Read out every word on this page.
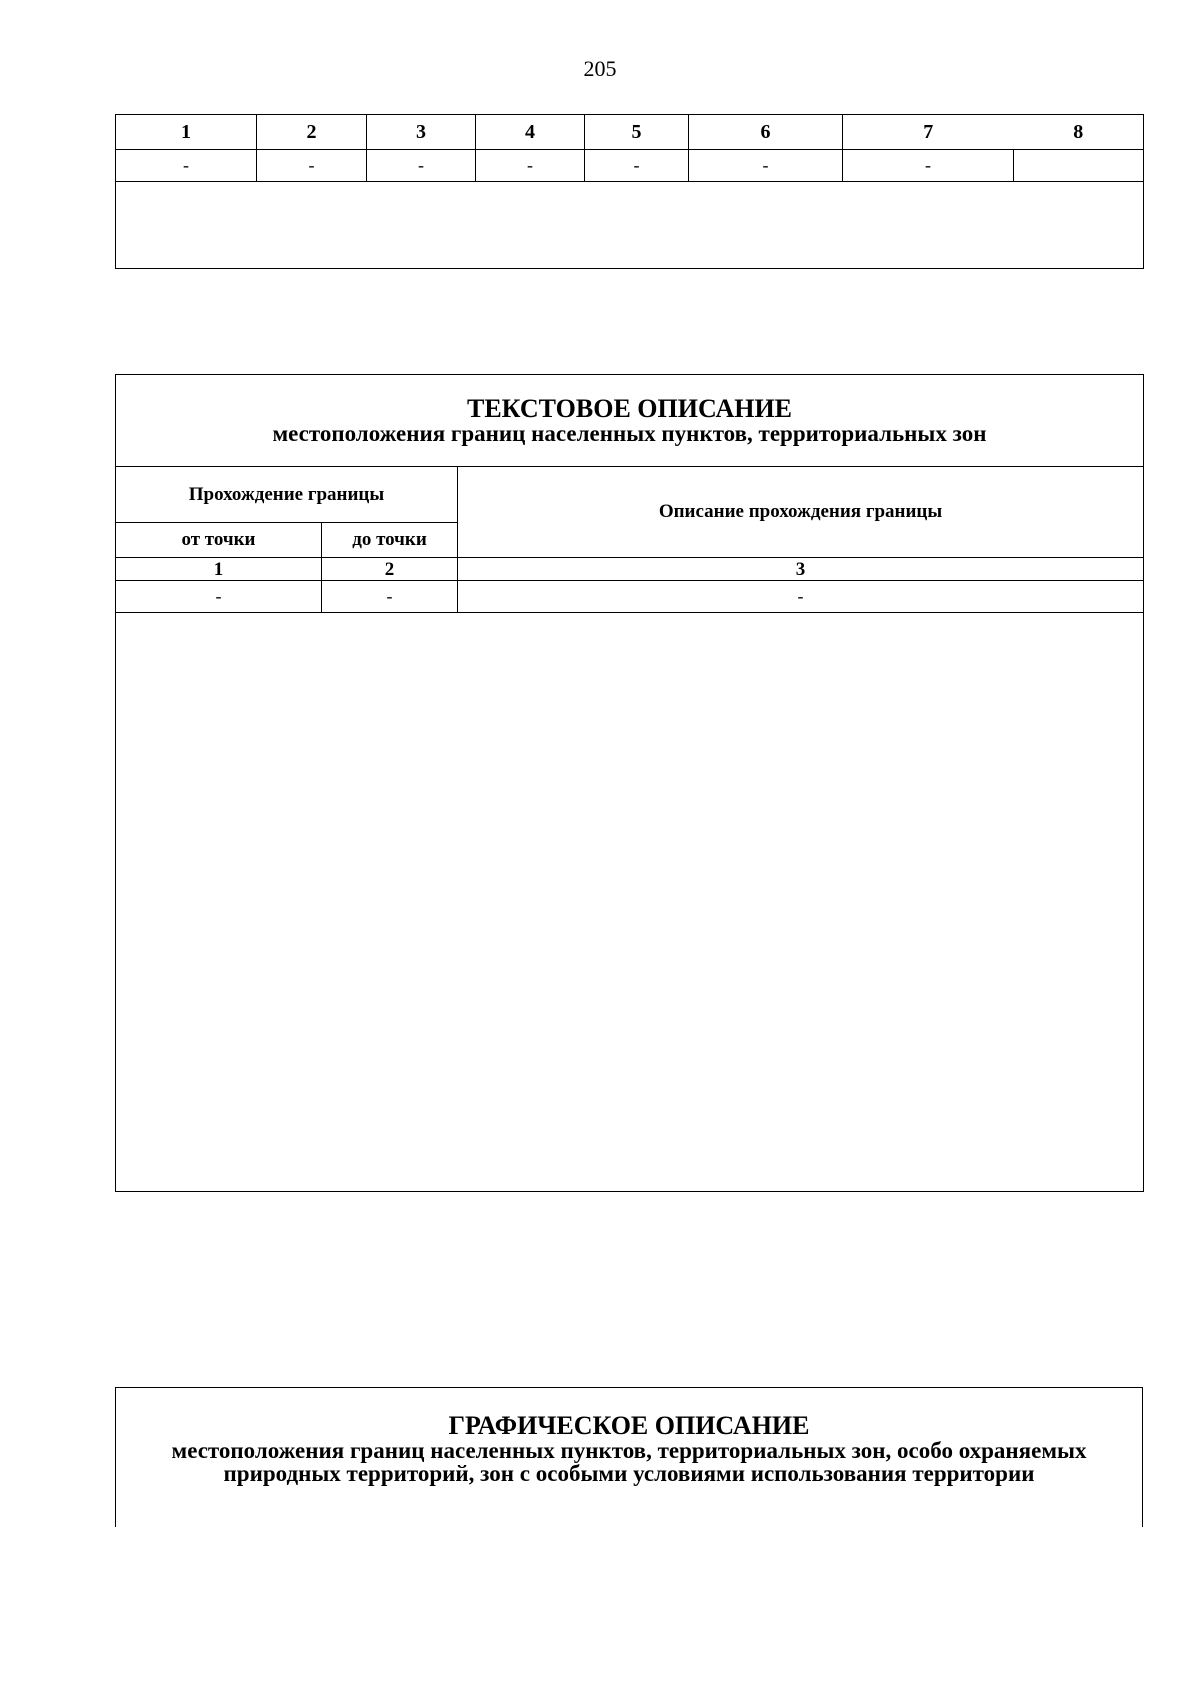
205
1	2	3	4	5	6	7	8
-	-	-	-	-	-	-	

ТЕКСТОВОЕ ОПИСАНИЕ
местоположения границ населенных пунктов, территориальных зон		

Прохождение границы		Описание прохождения границы
от точки	до точки	
1	2	3
-	-	-

ГРАФИЧЕСКОЕ ОПИСАНИЕ
местоположения границ населенных пунктов, территориальных зон, особо охраняемых природных территорий, зон с особыми условиями использования территории
